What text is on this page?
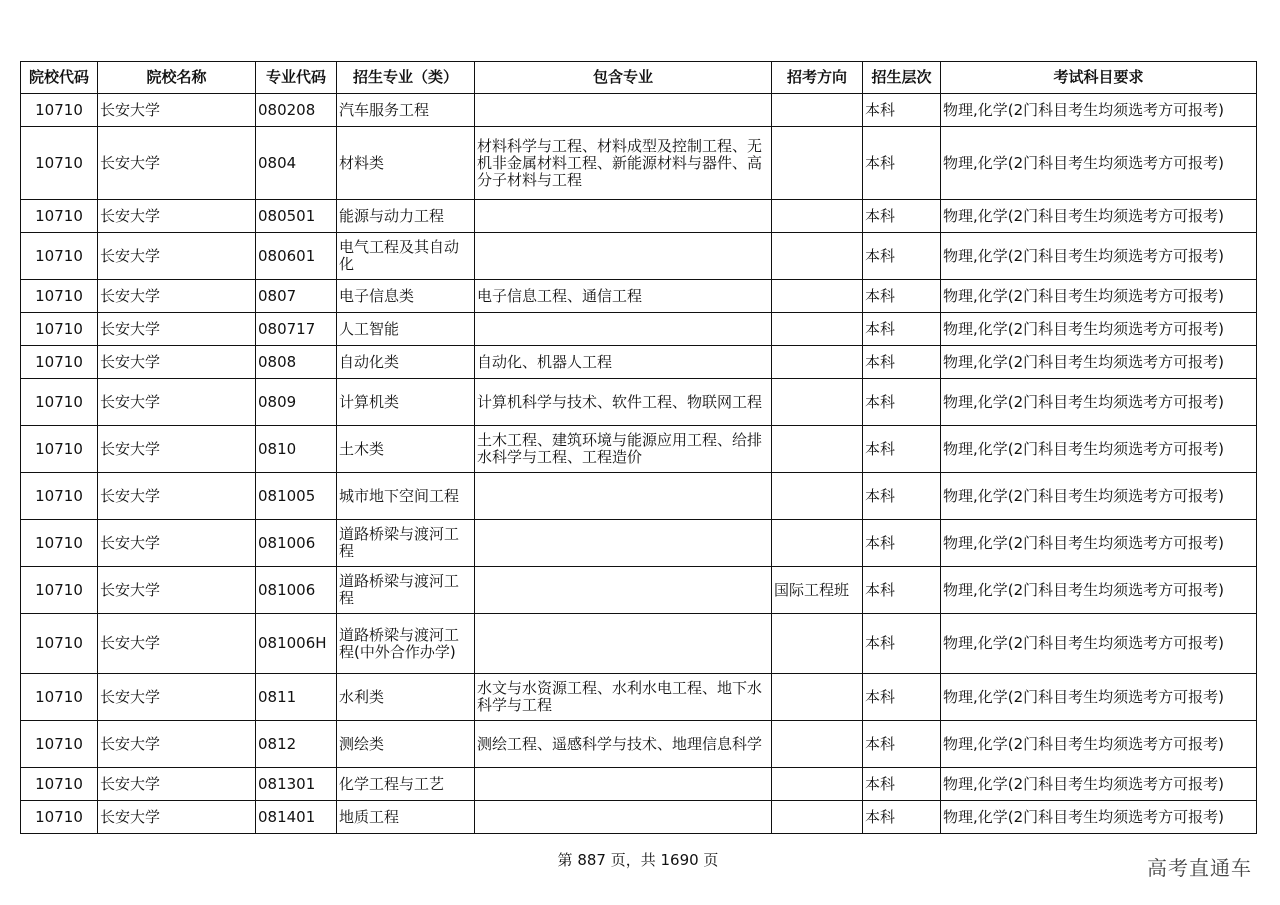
院校代码	院校名称	专业代码	招生专业（类）	包含专业	招考方向	招生层次	考试科目要求
10710	长安大学	080208	汽车服务工程			本科	物理,化学(2门科目考生均须选考方可报考)
10710	长安大学	0804	材料类	材料科学与工程、材料成型及控制工程、无机非金属材料工程、新能源材料与器件、高分子材料与工程		本科	物理,化学(2门科目考生均须选考方可报考)
10710	长安大学	080501	能源与动力工程			本科	物理,化学(2门科目考生均须选考方可报考)
10710	长安大学	080601	电气工程及其自动化			本科	物理,化学(2门科目考生均须选考方可报考)
10710	长安大学	0807	电子信息类	电子信息工程、通信工程		本科	物理,化学(2门科目考生均须选考方可报考)
10710	长安大学	080717	人工智能			本科	物理,化学(2门科目考生均须选考方可报考)
10710	长安大学	0808	自动化类	自动化、机器人工程		本科	物理,化学(2门科目考生均须选考方可报考)
10710	长安大学	0809	计算机类	计算机科学与技术、软件工程、物联网工程		本科	物理,化学(2门科目考生均须选考方可报考)
10710	长安大学	0810	土木类	土木工程、建筑环境与能源应用工程、给排水科学与工程、工程造价		本科	物理,化学(2门科目考生均须选考方可报考)
10710	长安大学	081005	城市地下空间工程			本科	物理,化学(2门科目考生均须选考方可报考)
10710	长安大学	081006	道路桥梁与渡河工程			本科	物理,化学(2门科目考生均须选考方可报考)
10710	长安大学	081006	道路桥梁与渡河工程		国际工程班	本科	物理,化学(2门科目考生均须选考方可报考)
10710	长安大学	081006H	道路桥梁与渡河工程(中外合作办学)			本科	物理,化学(2门科目考生均须选考方可报考)
10710	长安大学	0811	水利类	水文与水资源工程、水利水电工程、地下水科学与工程		本科	物理,化学(2门科目考生均须选考方可报考)
10710	长安大学	0812	测绘类	测绘工程、遥感科学与技术、地理信息科学		本科	物理,化学(2门科目考生均须选考方可报考)
10710	长安大学	081301	化学工程与工艺			本科	物理,化学(2门科目考生均须选考方可报考)
10710	长安大学	081401	地质工程			本科	物理,化学(2门科目考生均须选考方可报考)
第 887 页，共 1690 页	高考直通车
